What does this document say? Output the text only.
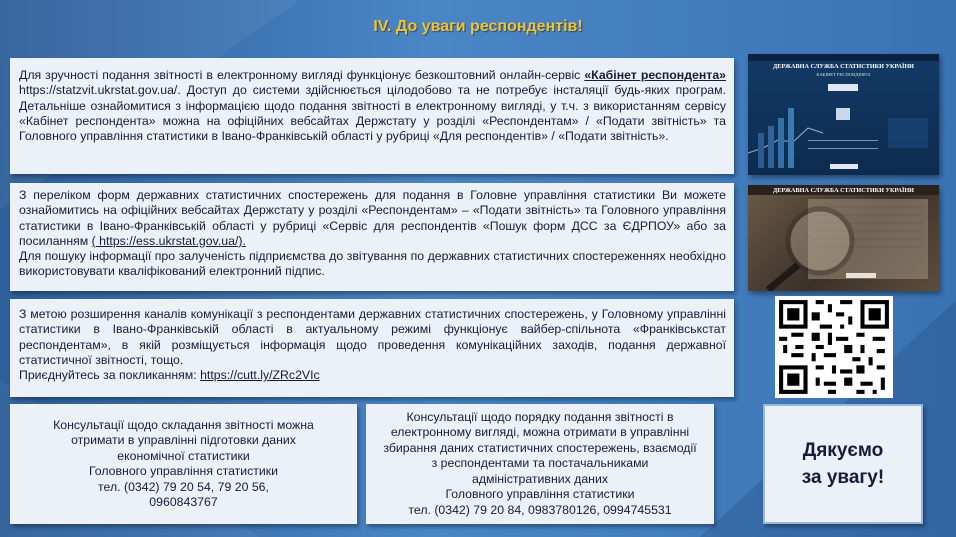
IV. До уваги респондентів!

Для зручності подання звітності в електронному вигляді функціонує безкоштовний онлайн-сервіс «Кабінет респондента» https://statzvit.ukrstat.gov.ua/. Доступ до системи здійснюється цілодобово та не потребує інсталяції будь-яких програм. Детальніше ознайомитися з інформацією щодо подання звітності в електронному вигляді, у т.ч. з використанням сервісу «Кабінет респондента» можна на офіційних вебсайтах Держстату у розділі «Респондентам» / «Подати звітність» та Головного управління статистики в Івано-Франківській області у рубриці «Для респондентів» / «Подати звітність».

З переліком форм державних статистичних спостережень для подання в Головне управління статистики Ви можете ознайомитись на офіційних вебсайтах Держстату у розділі «Респондентам» – «Подати звітність» та Головного управління статистики в Івано-Франківській області у рубриці «Сервіс для респондентів «Пошук форм ДСС за ЄДРПОУ» або за посиланням ( https://ess.ukrstat.gov.ua/).

Для пошуку інформації про залученість підприємства до звітування по державних статистичних спостереженнях необхідно використовувати кваліфікований електронний підпис.

З метою розширення каналів комунікації з респондентами державних статистичних спостережень, у Головному управлінні статистики в Івано-Франківській області в актуальному режимі функціонує вайбер-спільнота «Франківськстат респондентам», в якій розміщується інформація щодо проведення комунікаційних заходів, подання державної статистичної звітності, тощо.

Приєднуйтесь за покликанням: https://cutt.ly/ZRc2VIc

Консультації щодо складання звітності можна
отримати в управлінні підготовки даних
економічної статистики
Головного управління статистики
тел. (0342) 79 20 54, 79 20 56,
0960843767
Консультації щодо порядку подання звітності в
електронному вигляді, можна отримати в управлінні
збирання даних статистичних спостережень, взаємодії
з респондентами та постачальниками
адміністративних даних
Головного управління статистики
тел. (0342) 79 20 84, 0983780126, 0994745531
Дякуємо
за увагу!
ДЕРЖАВНА СЛУЖБА СТАТИСТИКИ УКРАЇНИ
КАБІНЕТ РЕСПОНДЕНТА
ДЕРЖАВНА СЛУЖБА СТАТИСТИКИ УКРАЇНИ
